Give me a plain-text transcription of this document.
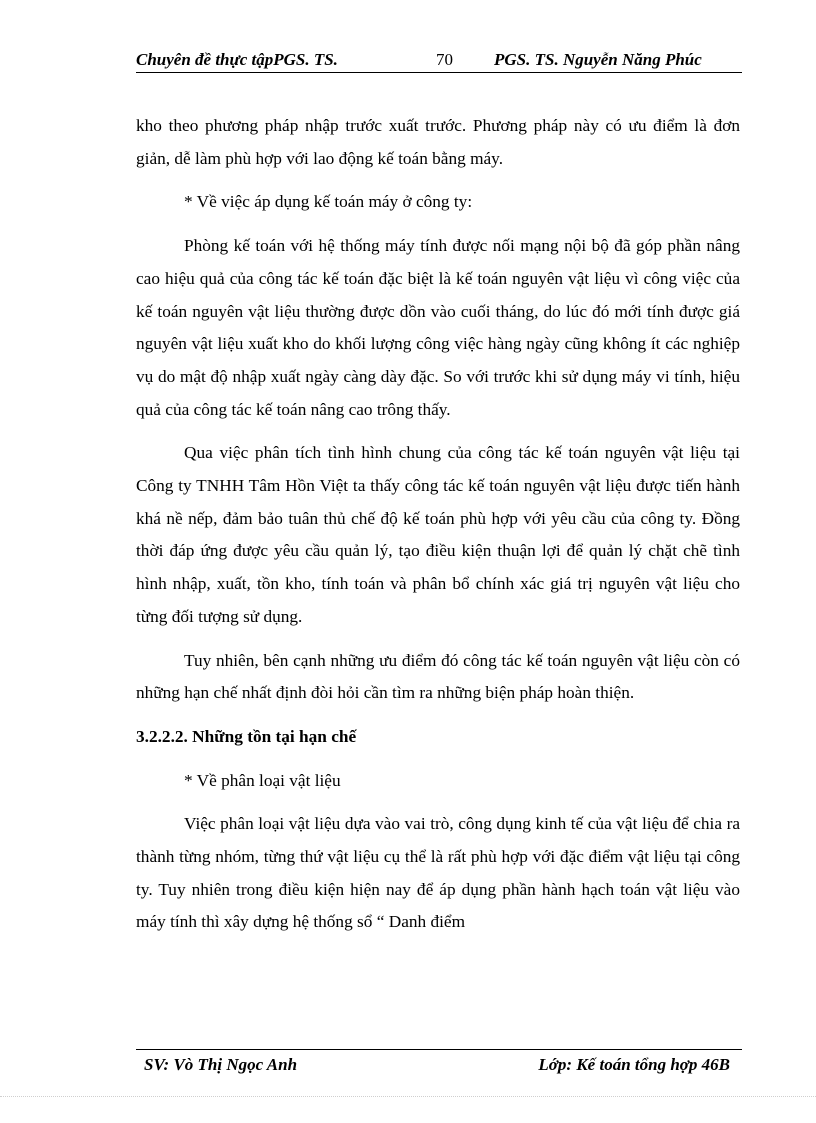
Chuyên đề thực tậpPGS. TS.	70 PGS. TS. Nguyễn Năng Phúc

kho theo phương pháp nhập trước xuất trước. Phương pháp này có ưu điểm là đơn giản, dễ làm phù hợp với lao động kế toán bằng máy.

* Về việc áp dụng kế toán máy ở công ty:

Phòng kế toán với hệ thống máy tính được nối mạng nội bộ đã góp phần nâng cao hiệu quả của công tác kế toán đặc biệt là kế toán nguyên vật liệu vì công việc của kế toán nguyên vật liệu thường được dồn vào cuối tháng, do lúc đó mới tính được giá nguyên vật liệu xuất kho do khối lượng công việc hàng ngày cũng không ít các nghiệp vụ do mật độ nhập xuất ngày càng dày đặc. So với trước khi sử dụng máy vi tính, hiệu quả của công tác kế toán nâng cao trông thấy.

Qua việc phân tích tình hình chung của công tác kế toán nguyên vật liệu tại Công ty TNHH Tâm Hồn Việt ta thấy công tác kế toán nguyên vật liệu được tiến hành khá nề nếp, đảm bảo tuân thủ chế độ kế toán phù hợp với yêu cầu của công ty. Đồng thời đáp ứng được yêu cầu quản lý, tạo điều kiện thuận lợi để quản lý chặt chẽ tình hình nhập, xuất, tồn kho, tính toán và phân bổ chính xác giá trị nguyên vật liệu cho từng đối tượng sử dụng.

Tuy nhiên, bên cạnh những ưu điểm đó công tác kế toán nguyên vật liệu còn có những hạn chế nhất định đòi hỏi cần tìm ra những biện pháp hoàn thiện.

3.2.2.2. Những tồn tại hạn chế

* Về phân loại vật liệu

Việc phân loại vật liệu dựa vào vai trò, công dụng kinh tế của vật liệu để chia ra thành từng nhóm, từng thứ vật liệu cụ thể là rất phù hợp với đặc điểm vật liệu tại công ty. Tuy nhiên trong điều kiện hiện nay để áp dụng phần hành hạch toán vật liệu vào máy tính thì xây dựng hệ thống sổ “ Danh điểm

SV: Vò Thị Ngọc Anh	Lớp: Kế toán tổng hợp 46B
